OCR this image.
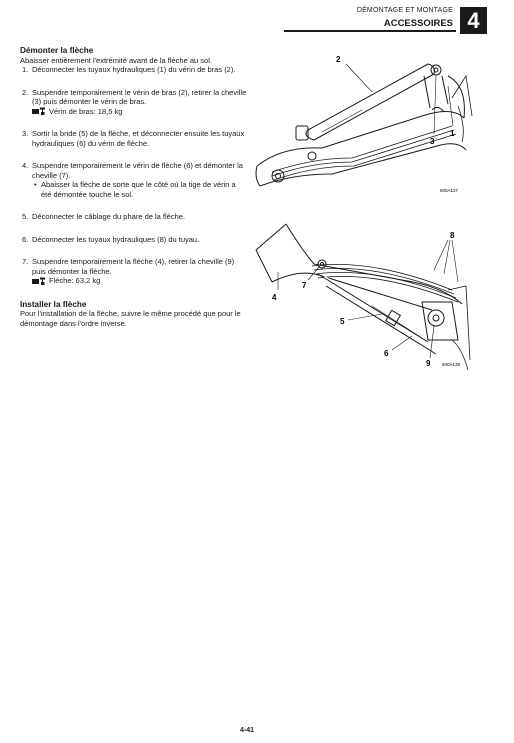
DÉMONTAGE ET MONTAGE
ACCESSOIRES 4

Démonter la flèche

Abaisser entièrement l'extrémité avant de la flèche au sol.

1. Déconnecter les tuyaux hydrauliques (1) du vérin de bras (2).
2. Suspendre temporairement le vérin de bras (2), retirer la cheville (3) puis démonter le vérin de bras.
Vérin de bras: 18,5 kg
3. Sortir la bride (5) de la flèche, et déconnecter ensuite les tuyaux hydrauliques (6) du vérin de flèche.
4. Suspendre temporairement le vérin de flèche (6) et démonter la cheville (7).
• Abaisser la flèche de sorte que le côté où la tige de vérin a été démontée touche le sol.
5. Déconnecter le câblage du phare de la flèche.
6. Déconnecter les tuyaux hydrauliques (8) du tuyau.
7. Suspendre temporairement la flèche (4), retirer la cheville (9) puis démonter la flèche.
Flèche: 63,2 kg

Installer la flèche

Pour l'installation de la flèche, suivre le même procédé que pour le démontage dans l'ordre inverse.

2
3
1
600A137
8
4
7
5
6
9	600A138
4-41
